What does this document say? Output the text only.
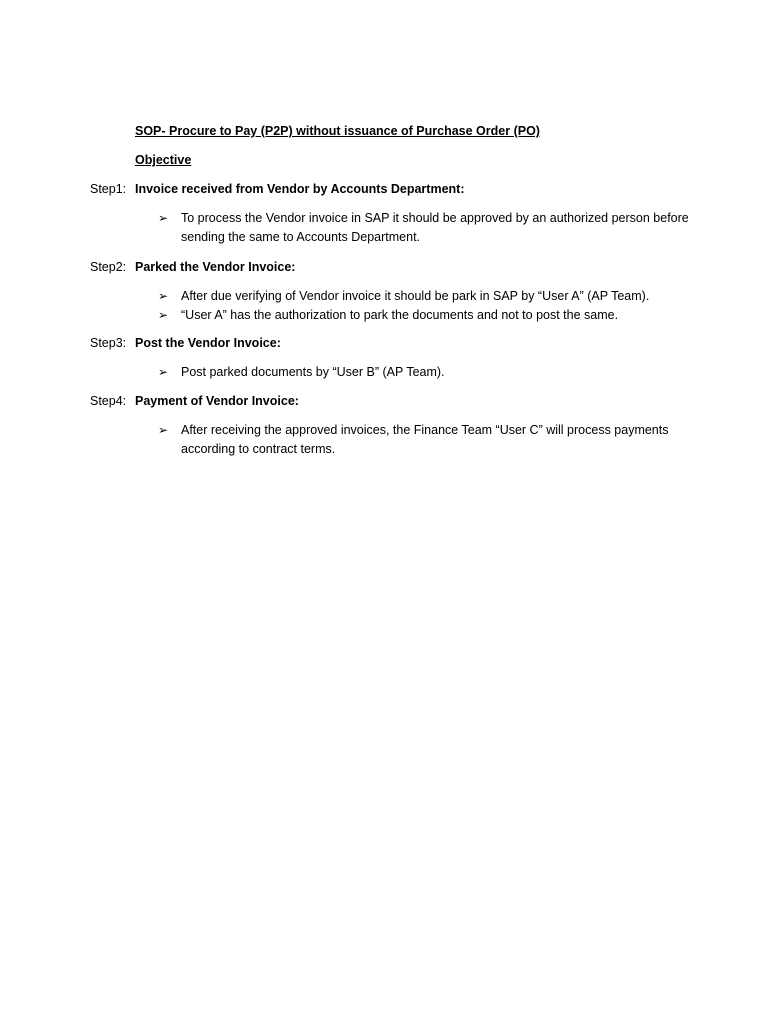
SOP- Procure to Pay (P2P) without issuance of Purchase Order (PO)
Objective
Step1: Invoice received from Vendor by Accounts Department:
➢	To process the Vendor invoice in SAP it should be approved by an authorized person before sending the same to Accounts Department.
Step2: Parked the Vendor Invoice:
➢	After due verifying of Vendor invoice it should be park in SAP by “User A” (AP Team).
➢	“User A” has the authorization to park the documents and not to post the same.
Step3: Post the Vendor Invoice:
➢	Post parked documents by “User B” (AP Team).
Step4: Payment of Vendor Invoice:
➢	After receiving the approved invoices, the Finance Team “User C” will process payments according to contract terms.
